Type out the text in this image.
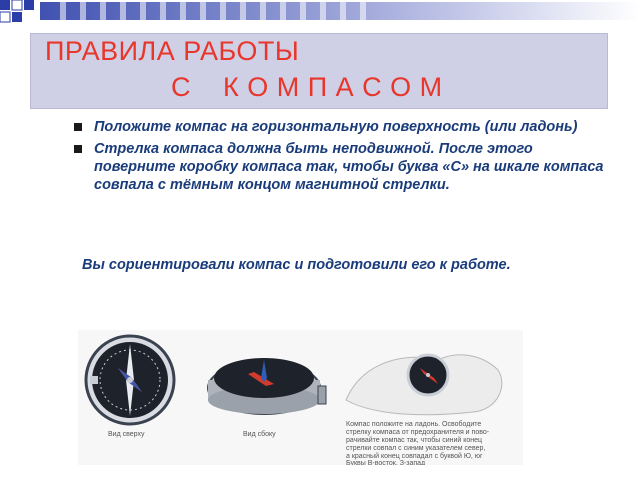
ПРАВИЛА РАБОТЫ
С    К О М П А С О М
Положите компас на горизонтальную поверхность (или ладонь)
Стрелка компаса должна быть неподвижной. После этого поверните коробку компаса так, чтобы буква «С» на шкале компаса совпала с тёмным концом магнитной стрелки.
Вы сориентировали компас и подготовили его к работе.
Вид сверху	Вид сбоку
Компас положите на ладонь. Освободите
стрелку компаса от предохранителя и пово-
рачивайте компас так, чтобы синий конец
стрелки совпал с синим указателем север,
а красный конец совпадал с буквой Ю, юг
Буквы В-восток, З-запад
